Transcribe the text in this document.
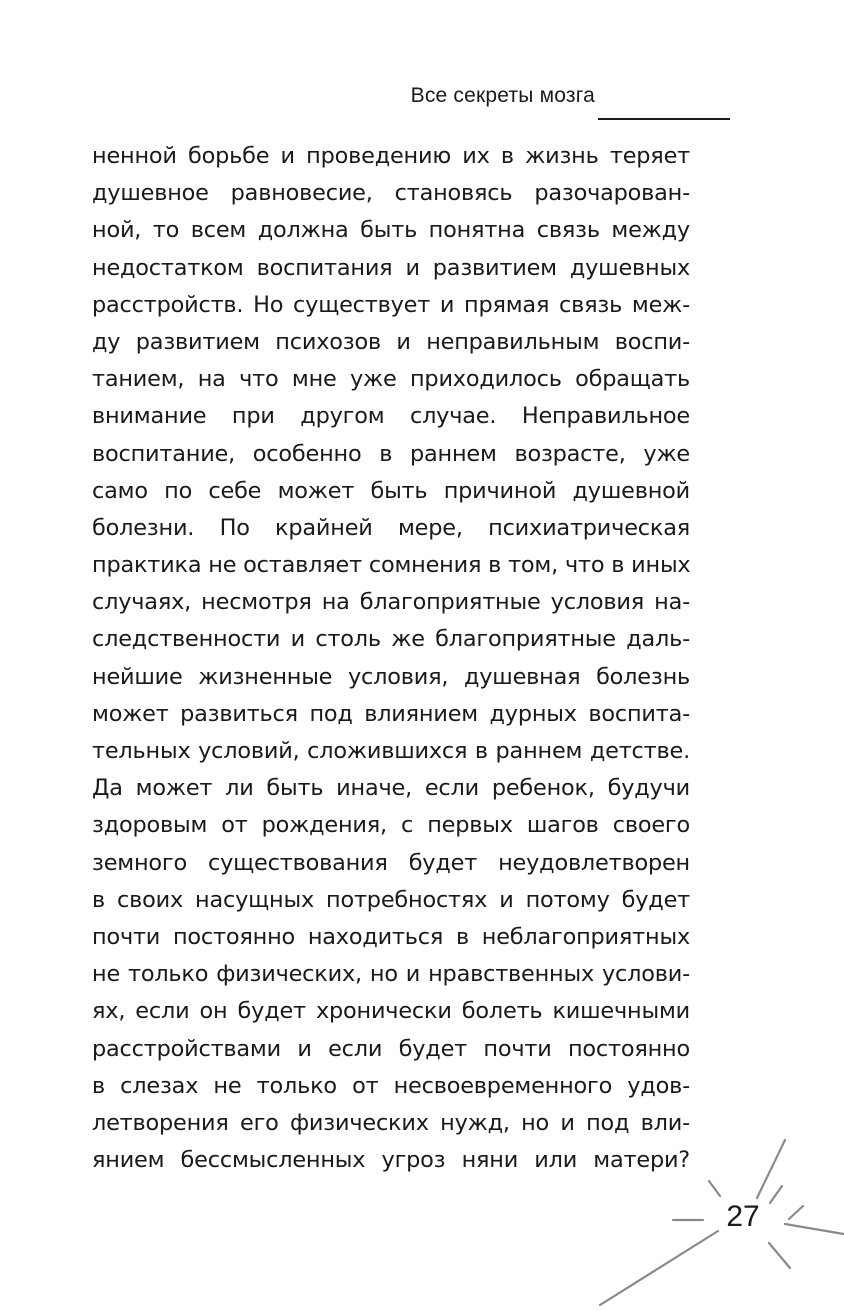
Все секреты мозга
ненной борьбе и проведению их в жизнь теряет
душевное равновесие, становясь разочарован-
ной, то всем должна быть понятна связь между
недостатком воспитания и развитием душевных
расстройств. Но существует и прямая связь меж-
ду развитием психозов и неправильным воспи-
танием, на что мне уже приходилось обращать
внимание при другом случае. Неправильное
воспитание, особенно в раннем возрасте, уже
само по себе может быть причиной душевной
болезни. По крайней мере, психиатрическая
практика не оставляет сомнения в том, что в иных
случаях, несмотря на благоприятные условия на-
следственности и столь же благоприятные даль-
нейшие жизненные условия, душевная болезнь
может развиться под влиянием дурных воспита-
тельных условий, сложившихся в раннем детстве.
Да может ли быть иначе, если ребенок, будучи
здоровым от рождения, с первых шагов своего
земного существования будет неудовлетворен
в своих насущных потребностях и потому будет
почти постоянно находиться в неблагоприятных
не только физических, но и нравственных услови-
ях, если он будет хронически болеть кишечными
расстройствами и если будет почти постоянно
в слезах не только от несвоевременного удов-
летворения его физических нужд, но и под вли-
янием бессмысленных угроз няни или матери?
27
